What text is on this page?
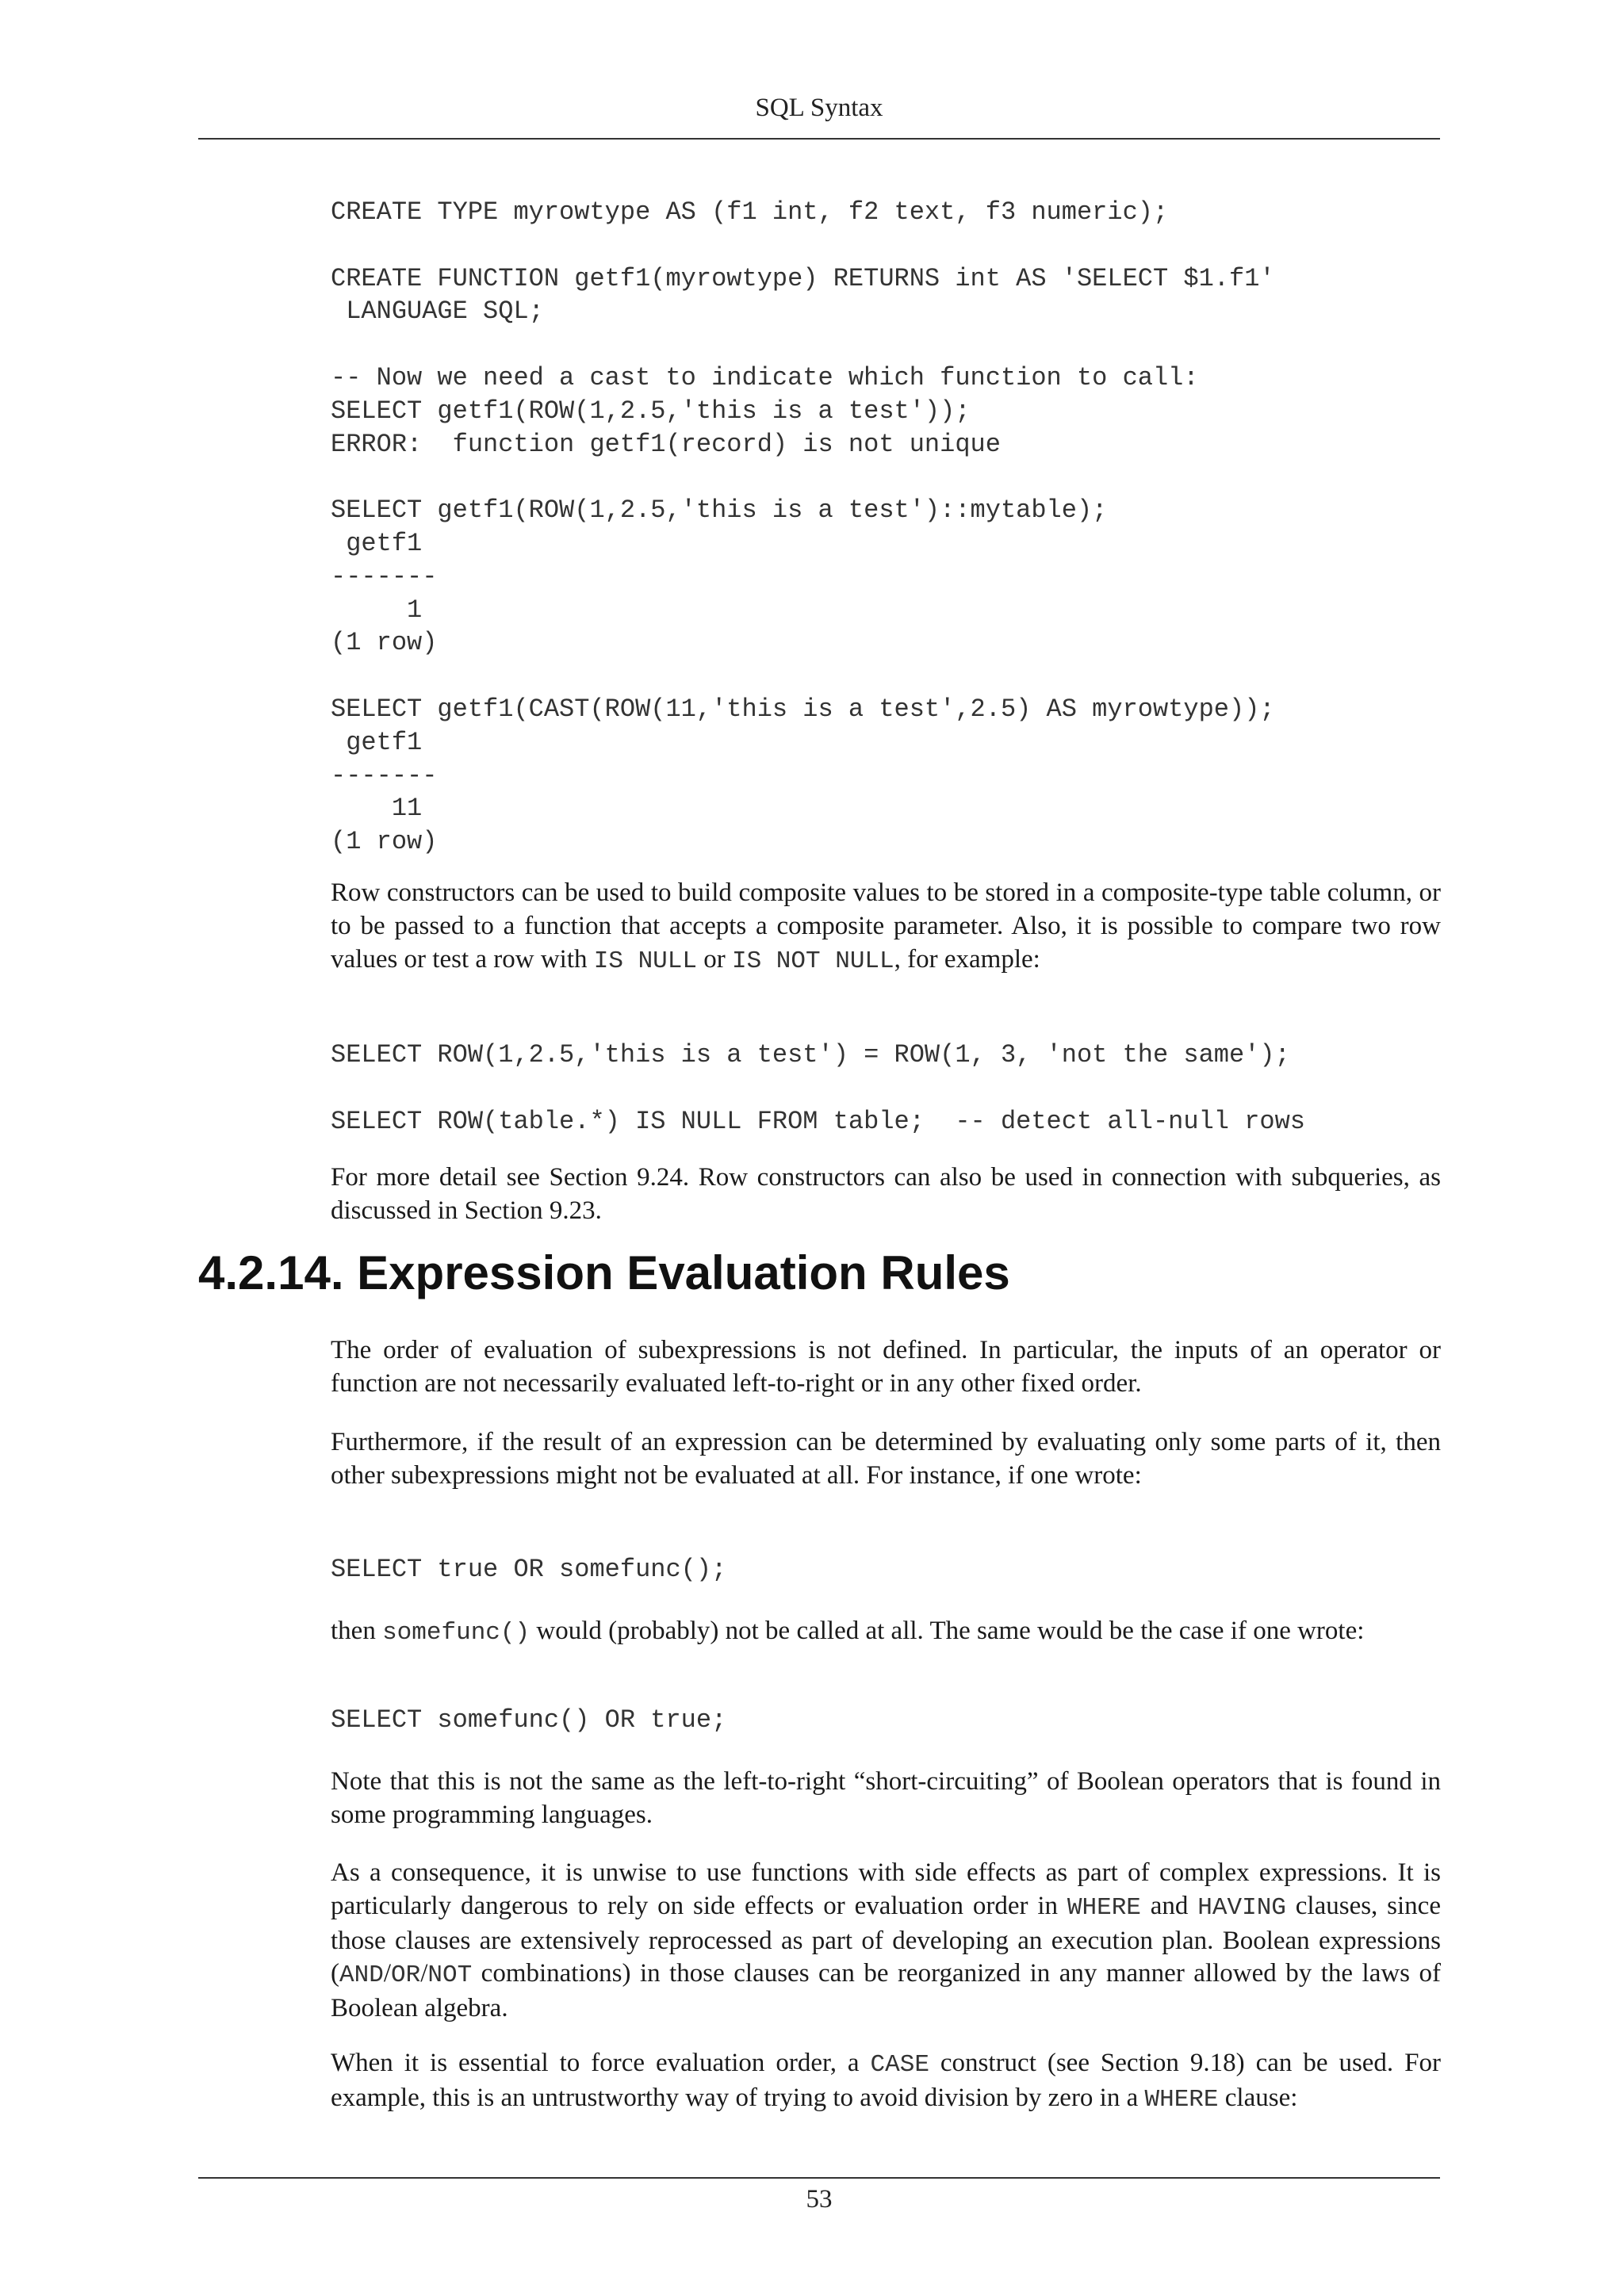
SQL Syntax
CREATE TYPE myrowtype AS (f1 int, f2 text, f3 numeric);

CREATE FUNCTION getf1(myrowtype) RETURNS int AS 'SELECT $1.f1'
LANGUAGE SQL;

-- Now we need a cast to indicate which function to call:
SELECT getf1(ROW(1,2.5,'this is a test'));
ERROR:  function getf1(record) is not unique

SELECT getf1(ROW(1,2.5,'this is a test')::mytable);
getf1
-------
1
(1 row)

SELECT getf1(CAST(ROW(11,'this is a test',2.5) AS myrowtype));
getf1
-------
11
(1 row)

Row constructors can be used to build composite values to be stored in a composite-type table column, or to be passed to a function that accepts a composite parameter. Also, it is possible to compare two row values or test a row with IS NULL or IS NOT NULL, for example:

SELECT ROW(1,2.5,'this is a test') = ROW(1, 3, 'not the same');

SELECT ROW(table.*) IS NULL FROM table;  -- detect all-null rows

For more detail see Section 9.24. Row constructors can also be used in connection with subqueries, as discussed in Section 9.23.

4.2.14. Expression Evaluation Rules

The order of evaluation of subexpressions is not defined. In particular, the inputs of an operator or function are not necessarily evaluated left-to-right or in any other fixed order.

Furthermore, if the result of an expression can be determined by evaluating only some parts of it, then other subexpressions might not be evaluated at all. For instance, if one wrote:

SELECT true OR somefunc();

then somefunc() would (probably) not be called at all. The same would be the case if one wrote:

SELECT somefunc() OR true;

Note that this is not the same as the left-to-right “short-circuiting” of Boolean operators that is found in some programming languages.

As a consequence, it is unwise to use functions with side effects as part of complex expressions. It is particularly dangerous to rely on side effects or evaluation order in WHERE and HAVING clauses, since those clauses are extensively reprocessed as part of developing an execution plan. Boolean expressions (AND/OR/NOT combinations) in those clauses can be reorganized in any manner allowed by the laws of Boolean algebra.

When it is essential to force evaluation order, a CASE construct (see Section 9.18) can be used. For example, this is an untrustworthy way of trying to avoid division by zero in a WHERE clause:

53
